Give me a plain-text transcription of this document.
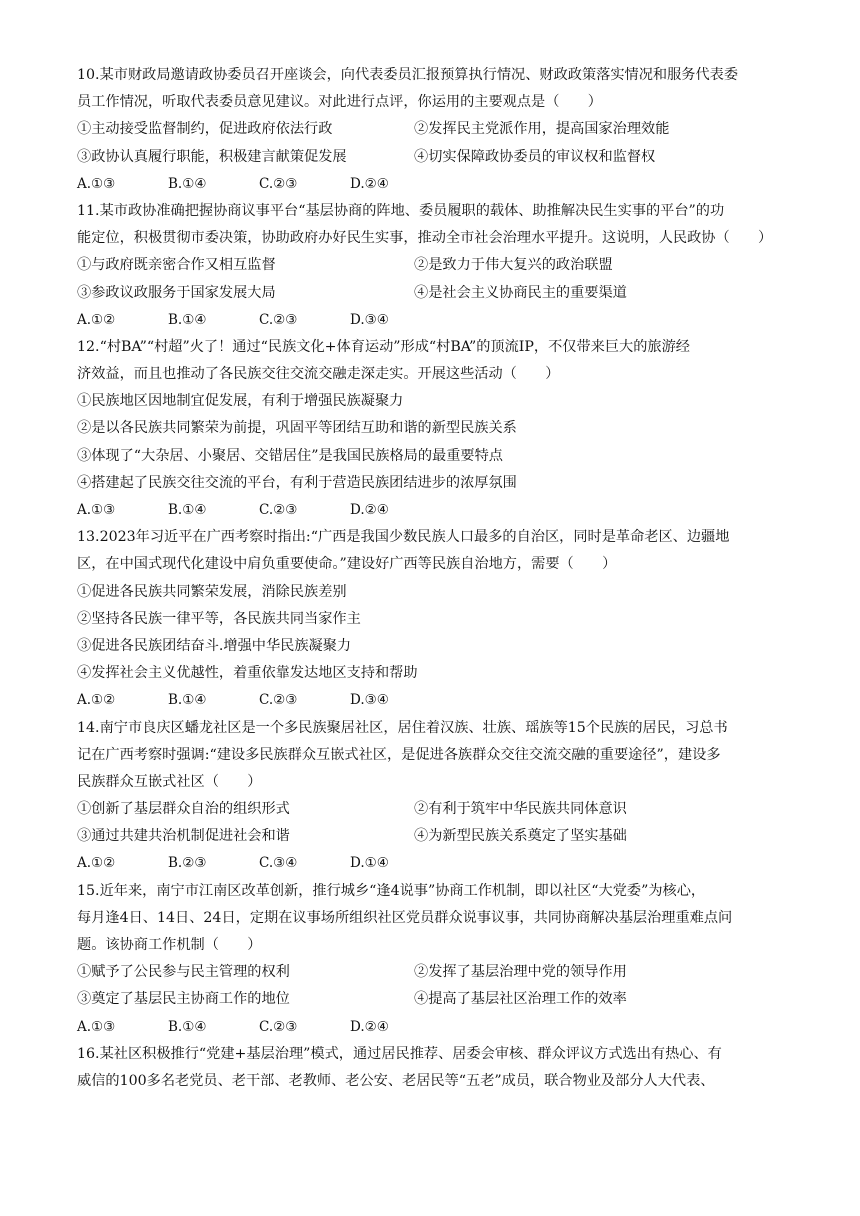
10.某市财政局邀请政协委员召开座谈会，向代表委员汇报预算执行情况、财政政策落实情况和服务代表委
员工作情况，听取代表委员意见建议。对此进行点评，你运用的主要观点是（　　）
①主动接受监督制约，促进政府依法行政	②发挥民主党派作用，提高国家治理效能
③政协认真履行职能，积极建言献策促发展	④切实保障政协委员的审议权和监督权
A.①③	B.①④	C.②③	D.②④
11.某市政协准确把握协商议事平台“基层协商的阵地、委员履职的载体、助推解决民生实事的平台”的功
能定位，积极贯彻市委决策，协助政府办好民生实事，推动全市社会治理水平提升。这说明，人民政协（　　）
①与政府既亲密合作又相互监督	②是致力于伟大复兴的政治联盟
③参政议政服务于国家发展大局	④是社会主义协商民主的重要渠道
A.①②	B.①④	C.②③	D.③④
12.“村BA”“村超”火了！通过“民族文化+体育运动”形成“村BA”的顶流IP，不仅带来巨大的旅游经
济效益，而且也推动了各民族交往交流交融走深走实。开展这些活动（　　）
①民族地区因地制宜促发展，有利于增强民族凝聚力
②是以各民族共同繁荣为前提，巩固平等团结互助和谐的新型民族关系
③体现了“大杂居、小聚居、交错居住”是我国民族格局的最重要特点
④搭建起了民族交往交流的平台，有利于营造民族团结进步的浓厚氛围
A.①③	B.①④	C.②③	D.②④
13.2023年习近平在广西考察时指出:“广西是我国少数民族人口最多的自治区，同时是革命老区、边疆地
区，在中国式现代化建设中肩负重要使命。”建设好广西等民族自治地方，需要（　　）
①促进各民族共同繁荣发展，消除民族差别
②坚持各民族一律平等，各民族共同当家作主
③促进各民族团结奋斗.增强中华民族凝聚力
④发挥社会主义优越性，着重依靠发达地区支持和帮助
A.①②	B.①④	C.②③	D.③④
14.南宁市良庆区蟠龙社区是一个多民族聚居社区，居住着汉族、壮族、瑶族等15个民族的居民，习总书
记在广西考察时强调:“建设多民族群众互嵌式社区，是促进各族群众交往交流交融的重要途径”，建设多
民族群众互嵌式社区（　　）
①创新了基层群众自治的组织形式	②有利于筑牢中华民族共同体意识
③通过共建共治机制促进社会和谐	④为新型民族关系奠定了坚实基础
A.①②	B.②③	C.③④	D.①④
15.近年来，南宁市江南区改革创新，推行城乡“逢4说事”协商工作机制，即以社区“大党委”为核心，
每月逢4日、14日、24日，定期在议事场所组织社区党员群众说事议事，共同协商解决基层治理重难点问
题。该协商工作机制（　　）
①赋予了公民参与民主管理的权利	②发挥了基层治理中党的领导作用
③奠定了基层民主协商工作的地位	④提高了基层社区治理工作的效率
A.①③	B.①④	C.②③	D.②④
16.某社区积极推行“党建+基层治理”模式，通过居民推荐、居委会审核、群众评议方式选出有热心、有
威信的100多名老党员、老干部、老教师、老公安、老居民等“五老”成员，联合物业及部分人大代表、
